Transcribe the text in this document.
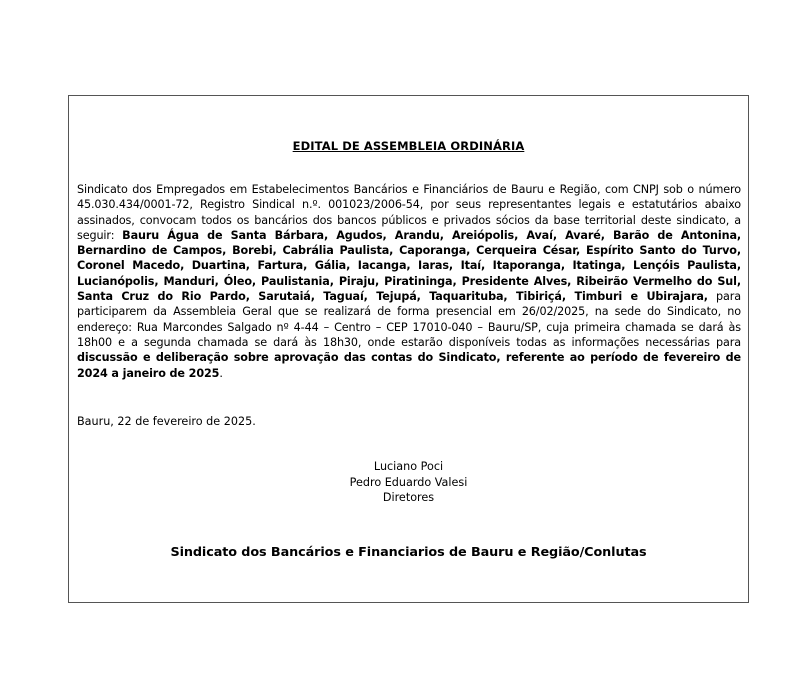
EDITAL DE ASSEMBLEIA ORDINÁRIA
Sindicato dos Empregados em Estabelecimentos Bancários e Financiários de Bauru e Região, com CNPJ sob o número 45.030.434/0001-72, Registro Sindical n.º. 001023/2006-54, por seus representantes legais e estatutários abaixo assinados, convocam todos os bancários dos bancos públicos e privados sócios da base territorial deste sindicato, a seguir: Bauru Água de Santa Bárbara, Agudos, Arandu, Areiópolis, Avaí, Avaré, Barão de Antonina, Bernardino de Campos, Borebi, Cabrália Paulista, Caporanga, Cerqueira César, Espírito Santo do Turvo, Coronel Macedo, Duartina, Fartura, Gália, Iacanga, Iaras, Itaí, Itaporanga, Itatinga, Lençóis Paulista, Lucianópolis, Manduri, Óleo, Paulistania, Piraju, Piratininga, Presidente Alves, Ribeirão Vermelho do Sul, Santa Cruz do Rio Pardo, Sarutaiá, Taguaí, Tejupá, Taquarituba, Tibiriçá, Timburi e Ubirajara, para participarem da Assembleia Geral que se realizará de forma presencial em 26/02/2025, na sede do Sindicato, no endereço: Rua Marcondes Salgado nº 4-44 – Centro – CEP 17010-040 – Bauru/SP, cuja primeira chamada se dará às 18h00 e a segunda chamada se dará às 18h30, onde estarão disponíveis todas as informações necessárias para discussão e deliberação sobre aprovação das contas do Sindicato, referente ao período de fevereiro de 2024 a janeiro de 2025.
Bauru, 22 de fevereiro de 2025.
Luciano Poci
Pedro Eduardo Valesi
Diretores
Sindicato dos Bancários e Financiarios de Bauru e Região/Conlutas
